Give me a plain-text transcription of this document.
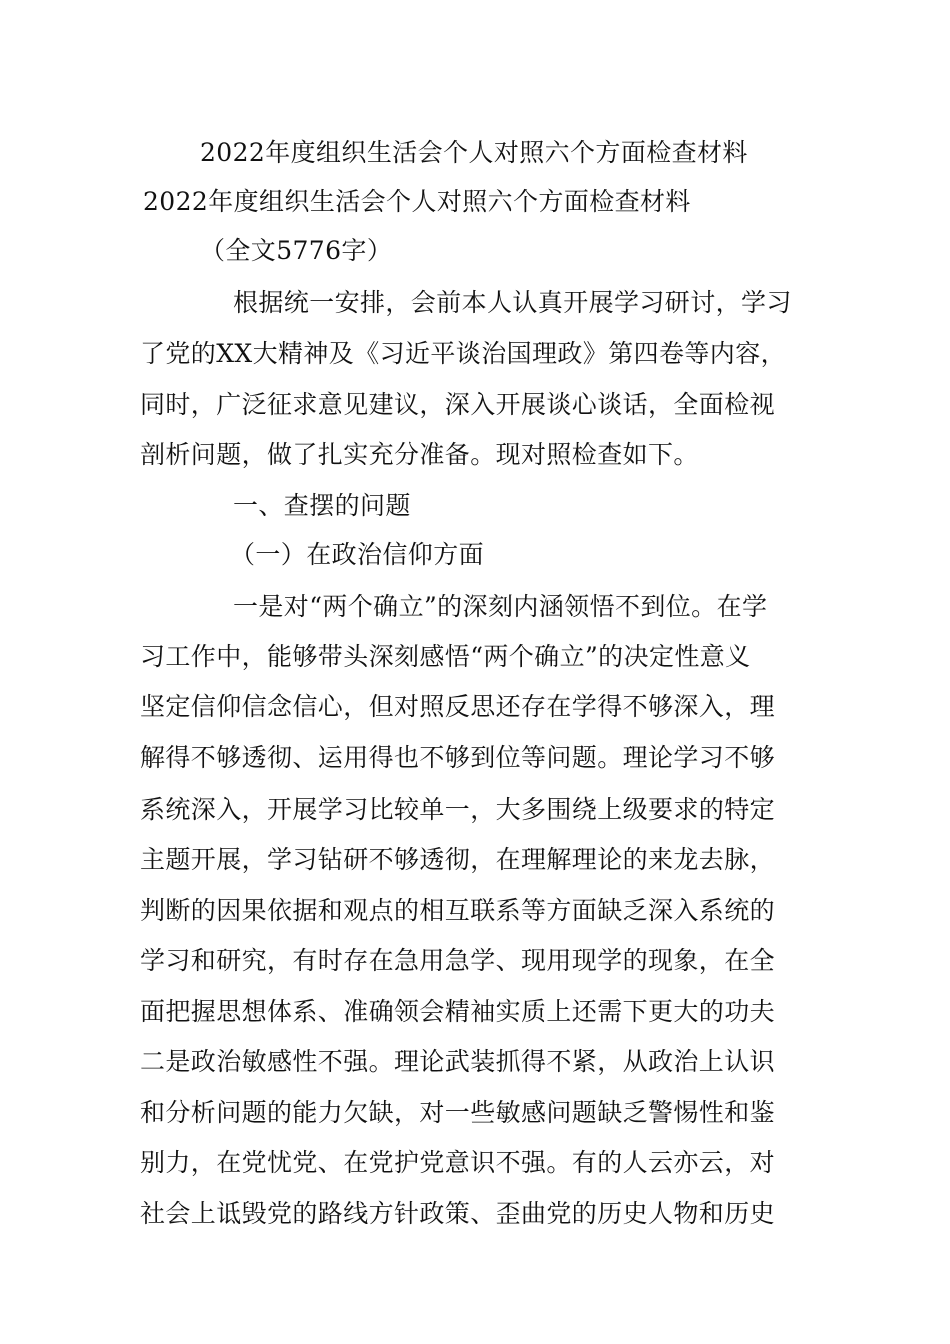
2022年度组织生活会个人对照六个方面检查材料
2022年度组织生活会个人对照六个方面检查材料
（全文5776字）
根据统一安排，会前本人认真开展学习研讨，学习
了党的XX大精神及《习近平谈治国理政》第四卷等内容，
同时，广泛征求意见建议，深入开展谈心谈话，全面检视
剖析问题，做了扎实充分准备。现对照检查如下。
一、查摆的问题
（一）在政治信仰方面
一是对“两个确立”的深刻内涵领悟不到位。在学
习工作中，能够带头深刻感悟“两个确立”的决定性意义
坚定信仰信念信心，但对照反思还存在学得不够深入，理
解得不够透彻、运用得也不够到位等问题。理论学习不够
系统深入，开展学习比较单一，大多围绕上级要求的特定
主题开展，学习钻研不够透彻，在理解理论的来龙去脉，
判断的因果依据和观点的相互联系等方面缺乏深入系统的
学习和研究，有时存在急用急学、现用现学的现象，在全
面把握思想体系、准确领会精袖实质上还需下更大的功夫
二是政治敏感性不强。理论武装抓得不紧，从政治上认识
和分析问题的能力欠缺，对一些敏感问题缺乏警惕性和鉴
别力，在党忧党、在党护党意识不强。有的人云亦云，对
社会上诋毁党的路线方针政策、歪曲党的历史人物和历史
